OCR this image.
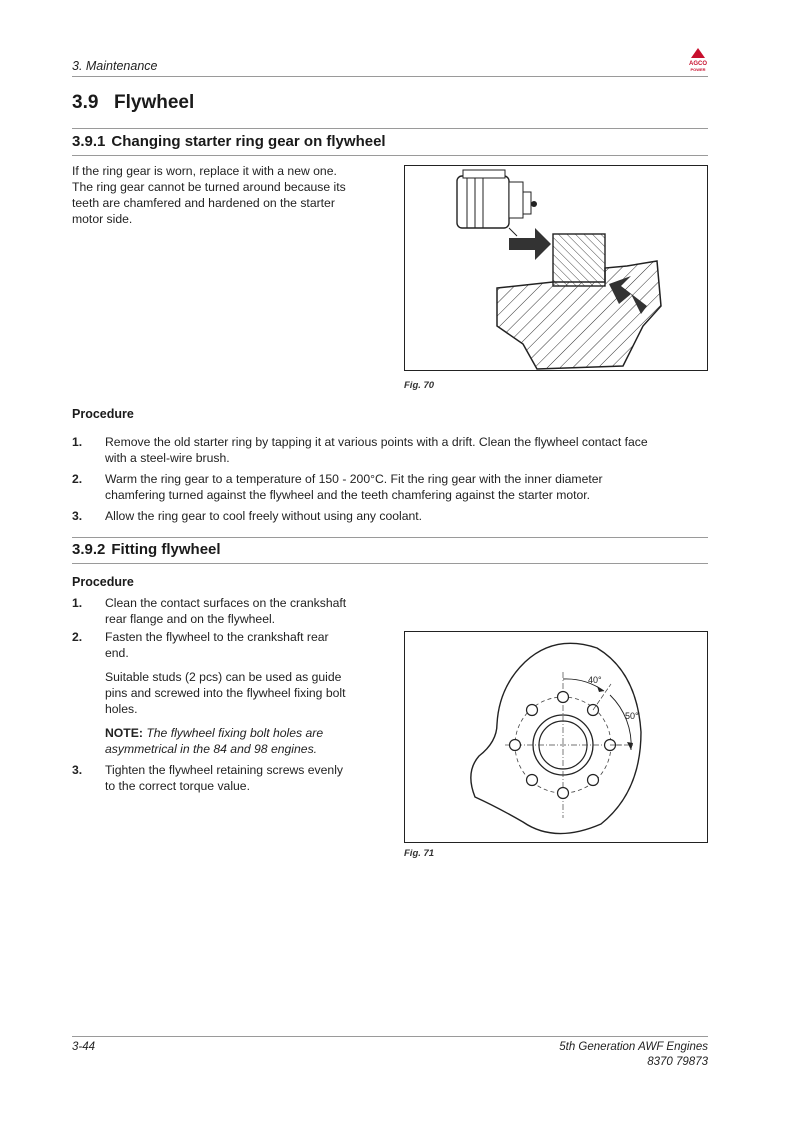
3. Maintenance	AGCO
POWER
3.9 Flywheel
3.9.1 Changing starter ring gear on flywheel
If the ring gear is worn, replace it with a new one.
The ring gear cannot be turned around because its
teeth are chamfered and hardened on the starter
motor side.
Fig. 70
Procedure
1. Remove the old starter ring by tapping it at various points with a drift. Clean the flywheel contact face
with a steel-wire brush.
2. Warm the ring gear to a temperature of 150 - 200°C. Fit the ring gear with the inner diameter
chamfering turned against the flywheel and the teeth chamfering against the starter motor.
3. Allow the ring gear to cool freely without using any coolant.
3.9.2 Fitting flywheel
Procedure
1. Clean the contact surfaces on the crankshaft
rear flange and on the flywheel.
2. Fasten the flywheel to the crankshaft rear
end.
Suitable studs (2 pcs) can be used as guide
pins and screwed into the flywheel fixing bolt
holes.
NOTE: The flywheel fixing bolt holes are
asymmetrical in the 84 and 98 engines.
3. Tighten the flywheel retaining screws evenly
to the correct torque value.
40°
50°
Fig. 71
3-44	5th Generation AWF Engines
8370 79873
